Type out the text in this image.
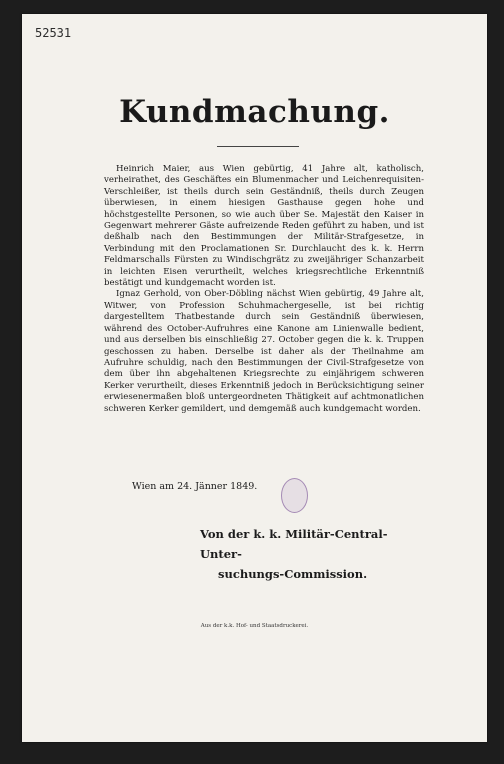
52531
Kundmachung.

Heinrich Maier, aus Wien gebürtig, 41 Jahre alt, katholisch, verheirathet, des Geschäftes ein Blumenmacher und Leichenrequisiten-Verschleißer, ist theils durch sein Geständniß, theils durch Zeugen überwiesen, in einem hiesigen Gasthause gegen hohe und höchstgestellte Personen, so wie auch über Se. Majestät den Kaiser in Gegenwart mehrerer Gäste aufreizende Reden geführt zu haben, und ist deßhalb nach den Bestimmungen der Militär-Strafgesetze, in Verbindung mit den Proclamationen Sr. Durchlaucht des k. k. Herrn Feldmarschalls Fürsten zu Windischgrätz zu zweijähriger Schanzarbeit in leichten Eisen verurtheilt, welches kriegsrechtliche Erkenntniß bestätigt und kundgemacht worden ist.

Ignaz Gerhold, von Ober-Döbling nächst Wien gebürtig, 49 Jahre alt, Witwer, von Profession Schuhmachergeselle, ist bei richtig dargestelltem Thatbestande durch sein Geständniß überwiesen, während des October-Aufruhres eine Kanone am Linienwalle bedient, und aus derselben bis einschließig 27. October gegen die k. k. Truppen geschossen zu haben. Derselbe ist daher als der Theilnahme am Aufruhre schuldig, nach den Bestimmungen der Civil-Strafgesetze von dem über ihn abgehaltenen Kriegsrechte zu einjährigem schweren Kerker verurtheilt, dieses Erkenntniß jedoch in Berücksichtigung seiner erwiesenermaßen bloß untergeordneten Thätigkeit auf achtmonatlichen schweren Kerker gemildert, und demgemäß auch kundgemacht worden.

Wien am 24. Jänner 1849.
Von der k. k. Militär-Central-Unter-
suchungs-Commission.
Aus der k.k. Hof- und Staatsdruckerei.
